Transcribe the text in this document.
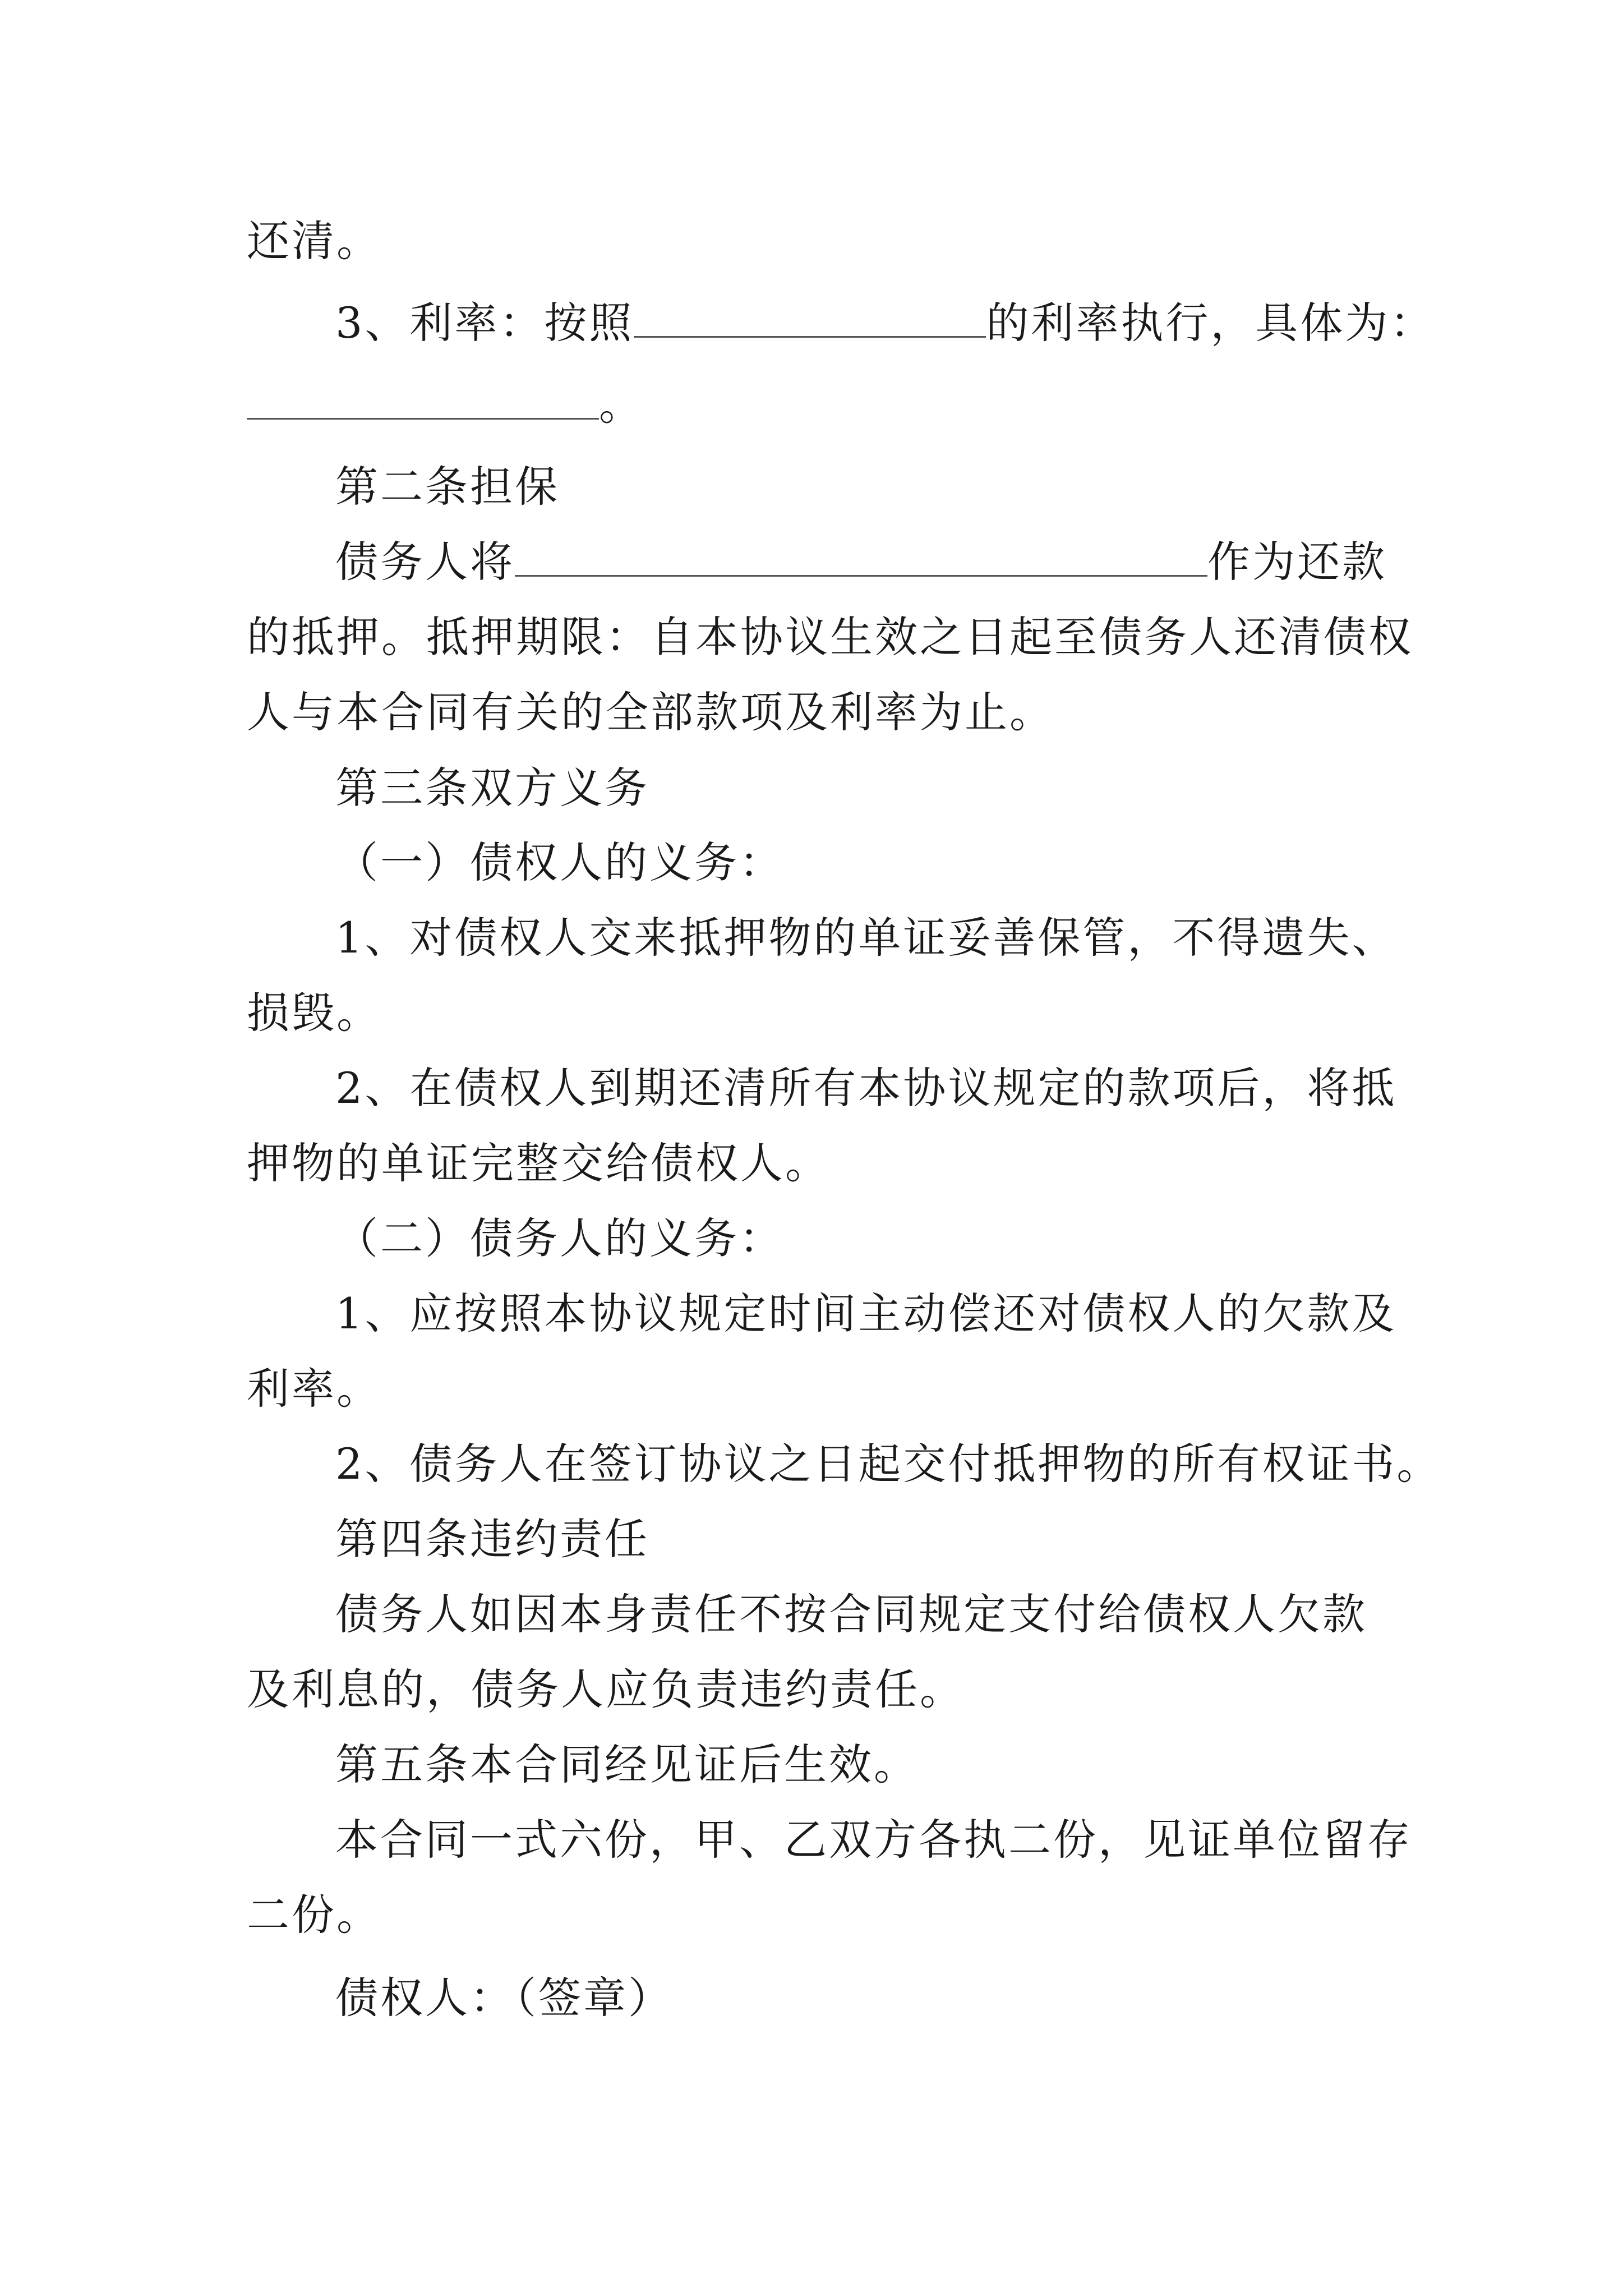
还清。
3、利率：按照	的利率执行，具体为：
。
第二条担保
债务人将	作为还款
的抵押。抵押期限：自本协议生效之日起至债务人还清债权
人与本合同有关的全部款项及利率为止。
第三条双方义务
（一）债权人的义务：
1、对债权人交来抵押物的单证妥善保管，不得遗失、
损毁。
2、在债权人到期还清所有本协议规定的款项后，将抵
押物的单证完整交给债权人。
（二）债务人的义务：
1、应按照本协议规定时间主动偿还对债权人的欠款及
利率。
2、债务人在签订协议之日起交付抵押物的所有权证书。
第四条违约责任
债务人如因本身责任不按合同规定支付给债权人欠款
及利息的，债务人应负责违约责任。
第五条本合同经见证后生效。
本合同一式六份，甲、乙双方各执二份，见证单位留存
二份。
债权人：（签章）
